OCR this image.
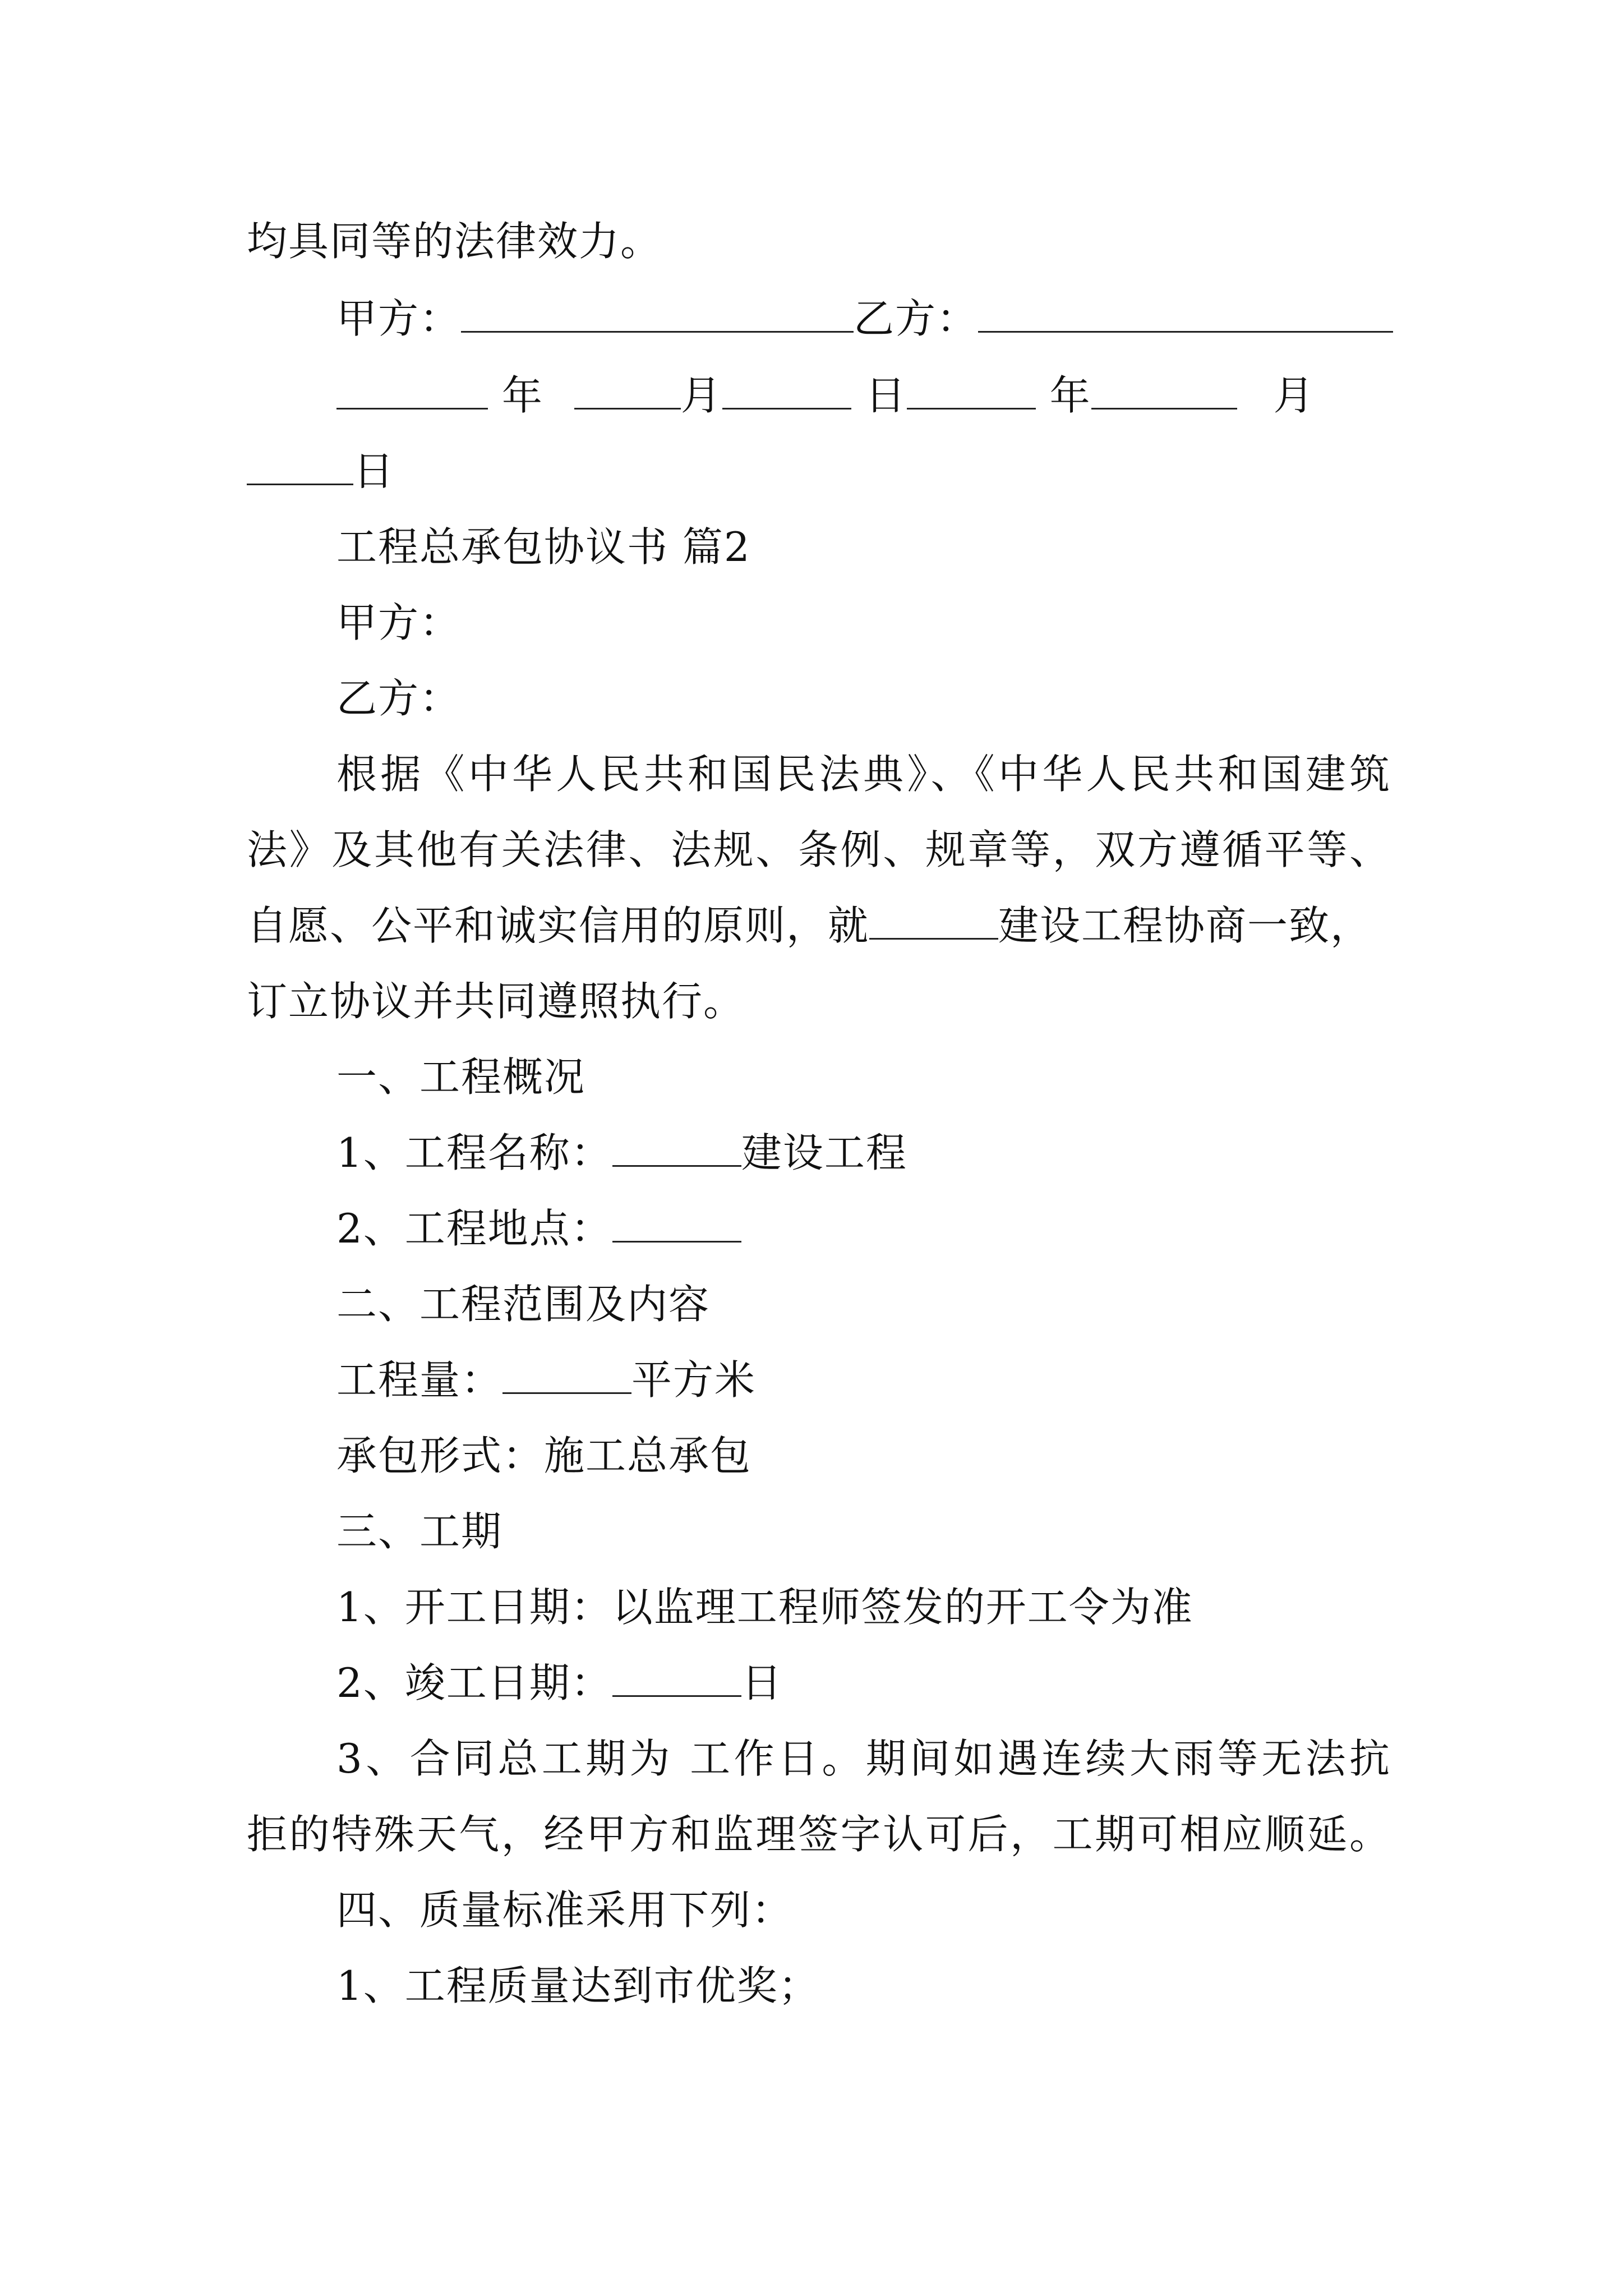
均具同等的法律效力。
甲方：	乙方：
年	月	日	年	月
日
工程总承包协议书 篇2
甲方：
乙方：
根据《中华人民共和国民法典》、《中华人民共和国建筑
法》及其他有关法律、法规、条例、规章等，双方遵循平等、
自愿、公平和诚实信用的原则，就	建设工程协商一致，
订立协议并共同遵照执行。
一、工程概况
1、工程名称：	建设工程
2、工程地点：
二、工程范围及内容
工程量：	平方米
承包形式：施工总承包
三、工期
1、开工日期：以监理工程师签发的开工令为准
2、竣工日期：	日
3、合同总工期为 工作日。期间如遇连续大雨等无法抗
拒的特殊天气，经甲方和监理签字认可后，工期可相应顺延。
四、质量标准采用下列：
1、工程质量达到市优奖；
